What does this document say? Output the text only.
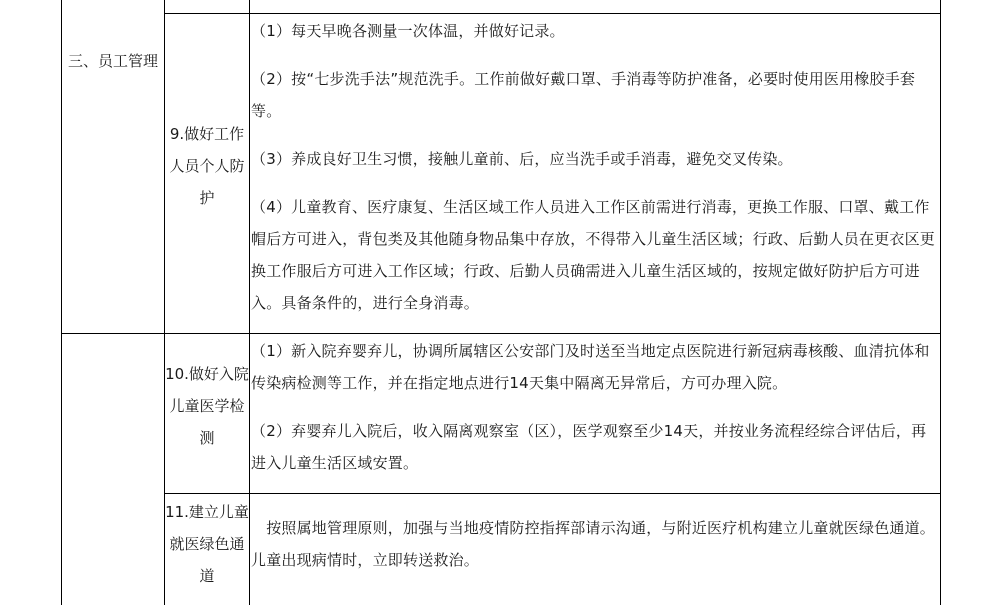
三、员工管理
9.做好工作人员个人防护

（1）每天早晚各测量一次体温，并做好记录。

（2）按“七步洗手法”规范洗手。工作前做好戴口罩、手消毒等防护准备，必要时使用医用橡胶手套等。

（3）养成良好卫生习惯，接触儿童前、后，应当洗手或手消毒，避免交叉传染。

（4）儿童教育、医疗康复、生活区域工作人员进入工作区前需进行消毒，更换工作服、口罩、戴工作帽后方可进入，背包类及其他随身物品集中存放，不得带入儿童生活区域；行政、后勤人员在更衣区更换工作服后方可进入工作区域；行政、后勤人员确需进入儿童生活区域的，按规定做好防护后方可进入。具备条件的，进行全身消毒。

10.做好入院儿童医学检测

（1）新入院弃婴弃儿，协调所属辖区公安部门及时送至当地定点医院进行新冠病毒核酸、血清抗体和传染病检测等工作，并在指定地点进行14天集中隔离无异常后，方可办理入院。

（2）弃婴弃儿入院后，收入隔离观察室（区），医学观察至少14天，并按业务流程经综合评估后，再进入儿童生活区域安置。

11.建立儿童就医绿色通道

　按照属地管理原则，加强与当地疫情防控指挥部请示沟通，与附近医疗机构建立儿童就医绿色通道。儿童出现病情时，立即转送救治。
